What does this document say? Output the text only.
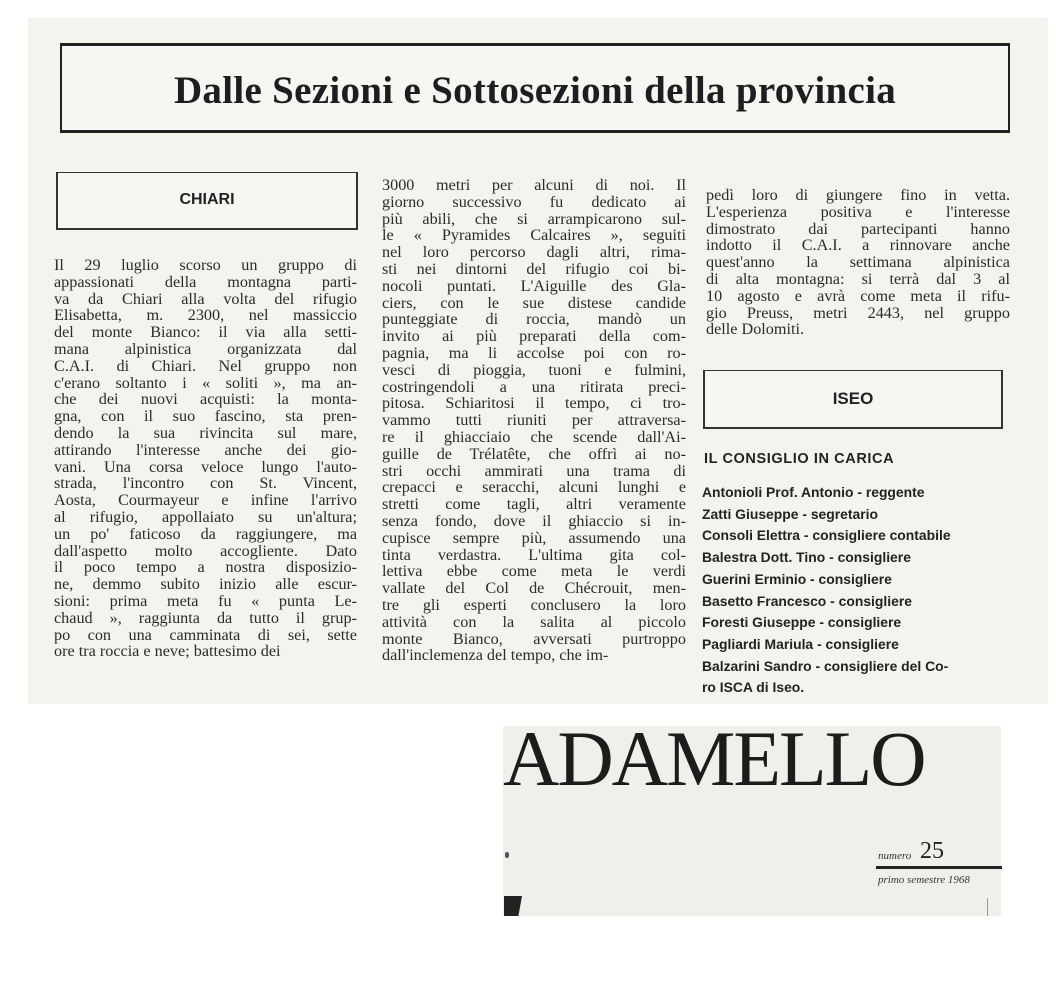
Dalle Sezioni e Sottosezioni della provincia
CHIARI
Il 29 luglio scorso un gruppo di
appassionati della montagna parti-
va da Chiari alla volta del rifugio
Elisabetta, m. 2300, nel massiccio
del monte Bianco: il via alla setti-
mana alpinistica organizzata dal
C.A.I. di Chiari. Nel gruppo non
c'erano soltanto i « soliti », ma an-
che dei nuovi acquisti: la monta-
gna, con il suo fascino, sta pren-
dendo la sua rivincita sul mare,
attirando l'interesse anche dei gio-
vani. Una corsa veloce lungo l'auto-
strada, l'incontro con St. Vincent,
Aosta, Courmayeur e infine l'arrivo
al rifugio, appollaiato su un'altura;
un po' faticoso da raggiungere, ma
dall'aspetto molto accogliente. Dato
il poco tempo a nostra disposizio-
ne, demmo subito inizio alle escur-
sioni: prima meta fu « punta Le-
chaud », raggiunta da tutto il grup-
po con una camminata di sei, sette
ore tra roccia e neve; battesimo dei
3000 metri per alcuni di noi. Il
giorno successivo fu dedicato ai
più abili, che si arrampicarono sul-
le « Pyramides Calcaires », seguiti
nel loro percorso dagli altri, rima-
sti nei dintorni del rifugio coi bi-
nocoli puntati. L'Aiguille des Gla-
ciers, con le sue distese candide
punteggiate di roccia, mandò un
invito ai più preparati della com-
pagnia, ma li accolse poi con ro-
vesci di pioggia, tuoni e fulmini,
costringendoli a una ritirata preci-
pitosa. Schiaritosi il tempo, ci tro-
vammo tutti riuniti per attraversa-
re il ghiacciaio che scende dall'Ai-
guille de Trélatête, che offrì ai no-
stri occhi ammirati una trama di
crepacci e seracchi, alcuni lunghi e
stretti come tagli, altri veramente
senza fondo, dove il ghiaccio si in-
cupisce sempre più, assumendo una
tinta verdastra. L'ultima gita col-
lettiva ebbe come meta le verdi
vallate del Col de Chécrouit, men-
tre gli esperti conclusero la loro
attività con la salita al piccolo
monte Bianco, avversati purtroppo
dall'inclemenza del tempo, che im-
pedì loro di giungere fino in vetta.
L'esperienza positiva e l'interesse
dimostrato dai partecipanti hanno
indotto il C.A.I. a rinnovare anche
quest'anno la settimana alpinistica
di alta montagna: si terrà dal 3 al
10 agosto e avrà come meta il rifu-
gio Preuss, metri 2443, nel gruppo
delle Dolomiti.
ISEO
IL CONSIGLIO IN CARICA
Antonioli Prof. Antonio - reggente
Zatti Giuseppe - segretario
Consoli Elettra - consigliere contabile
Balestra Dott. Tino - consigliere
Guerini Erminio - consigliere
Basetto Francesco - consigliere
Foresti Giuseppe - consigliere
Pagliardi Mariula - consigliere
Balzarini Sandro - consigliere del Co-
ro ISCA di Iseo.
ADAMELLO
numero 25
primo semestre 1968
